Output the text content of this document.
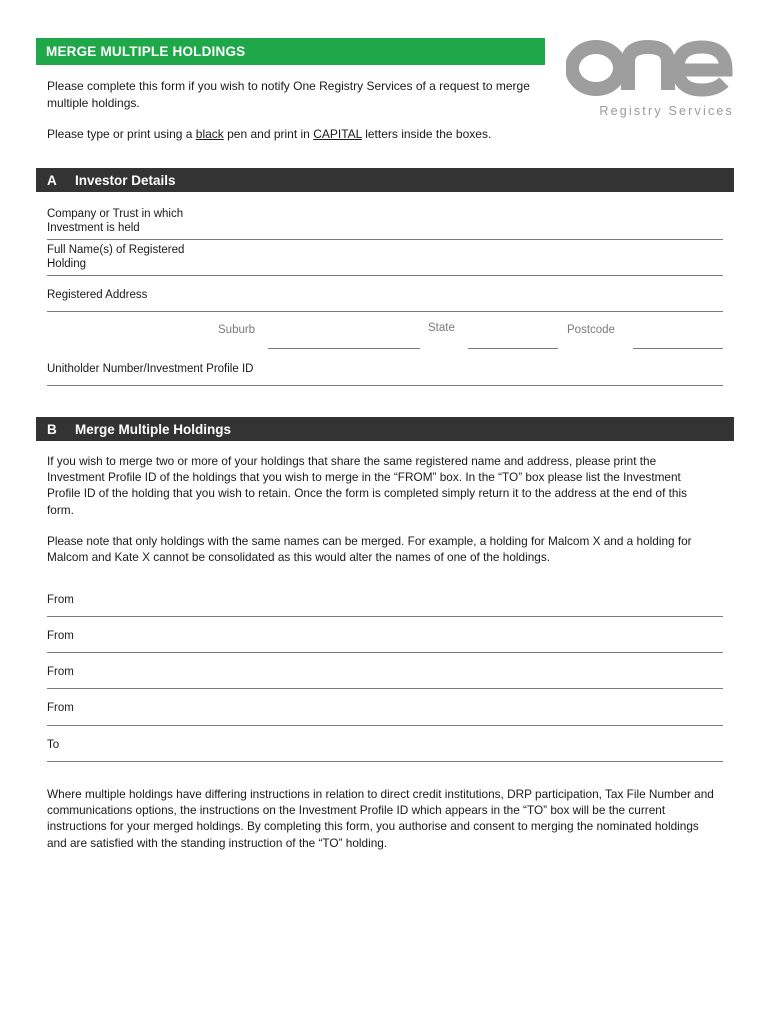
MERGE MULTIPLE HOLDINGS
Registry Services
Please complete this form if you wish to notify One Registry Services of a request to merge multiple holdings.
Please type or print using a black pen and print in CAPITAL letters inside the boxes.
A Investor Details
Company or Trust in which Investment is held
Full Name(s) of Registered Holding
Registered Address
Suburb	State	Postcode
Unitholder Number/Investment Profile ID
B Merge Multiple Holdings
If you wish to merge two or more of your holdings that share the same registered name and address, please print the Investment Profile ID of the holdings that you wish to merge in the “FROM” box. In the “TO” box please list the Investment Profile ID of the holding that you wish to retain. Once the form is completed simply return it to the address at the end of this form.
Please note that only holdings with the same names can be merged. For example, a holding for Malcom X and a holding for Malcom and Kate X cannot be consolidated as this would alter the names of one of the holdings.
From
From
From
From
To
Where multiple holdings have differing instructions in relation to direct credit institutions, DRP participation, Tax File Number and communications options, the instructions on the Investment Profile ID which appears in the “TO” box will be the current instructions for your merged holdings. By completing this form, you authorise and consent to merging the nominated holdings and are satisfied with the standing instruction of the “TO” holding.
